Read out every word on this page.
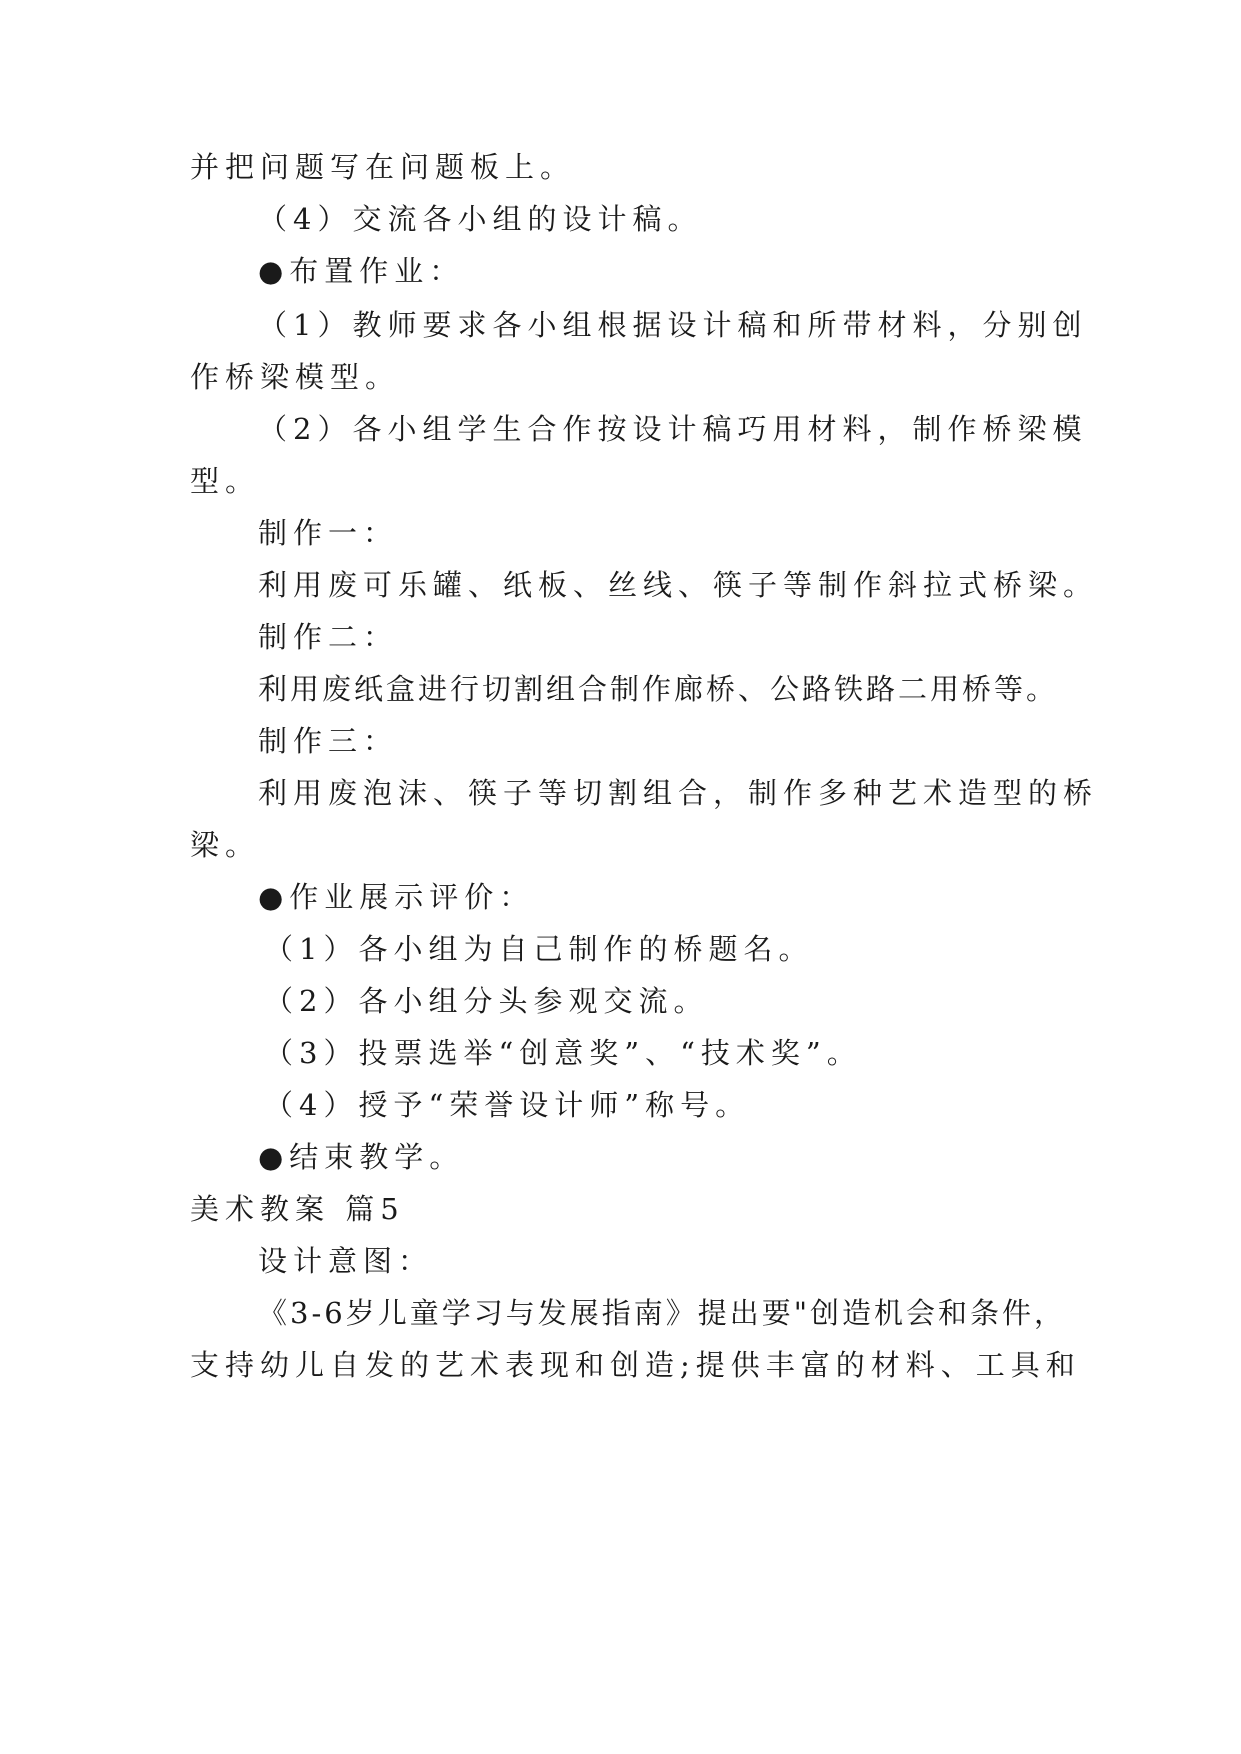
并把问题写在问题板上。
（4）交流各小组的设计稿。
●布置作业：
（1）教师要求各小组根据设计稿和所带材料，分别创
作桥梁模型。
（2）各小组学生合作按设计稿巧用材料，制作桥梁模
型。
制作一：
利用废可乐罐、纸板、丝线、筷子等制作斜拉式桥梁。
制作二：
利用废纸盒进行切割组合制作廊桥、公路铁路二用桥等。
制作三：
利用废泡沫、筷子等切割组合，制作多种艺术造型的桥
梁。
●作业展示评价：
（1）各小组为自己制作的桥题名。
（2）各小组分头参观交流。
（3）投票选举“创意奖”、“技术奖”。
（4）授予“荣誉设计师”称号。
●结束教学。
美术教案 篇5
设计意图：
《3-6岁儿童学习与发展指南》提出要"创造机会和条件，
支持幼儿自发的艺术表现和创造;提供丰富的材料、工具和
